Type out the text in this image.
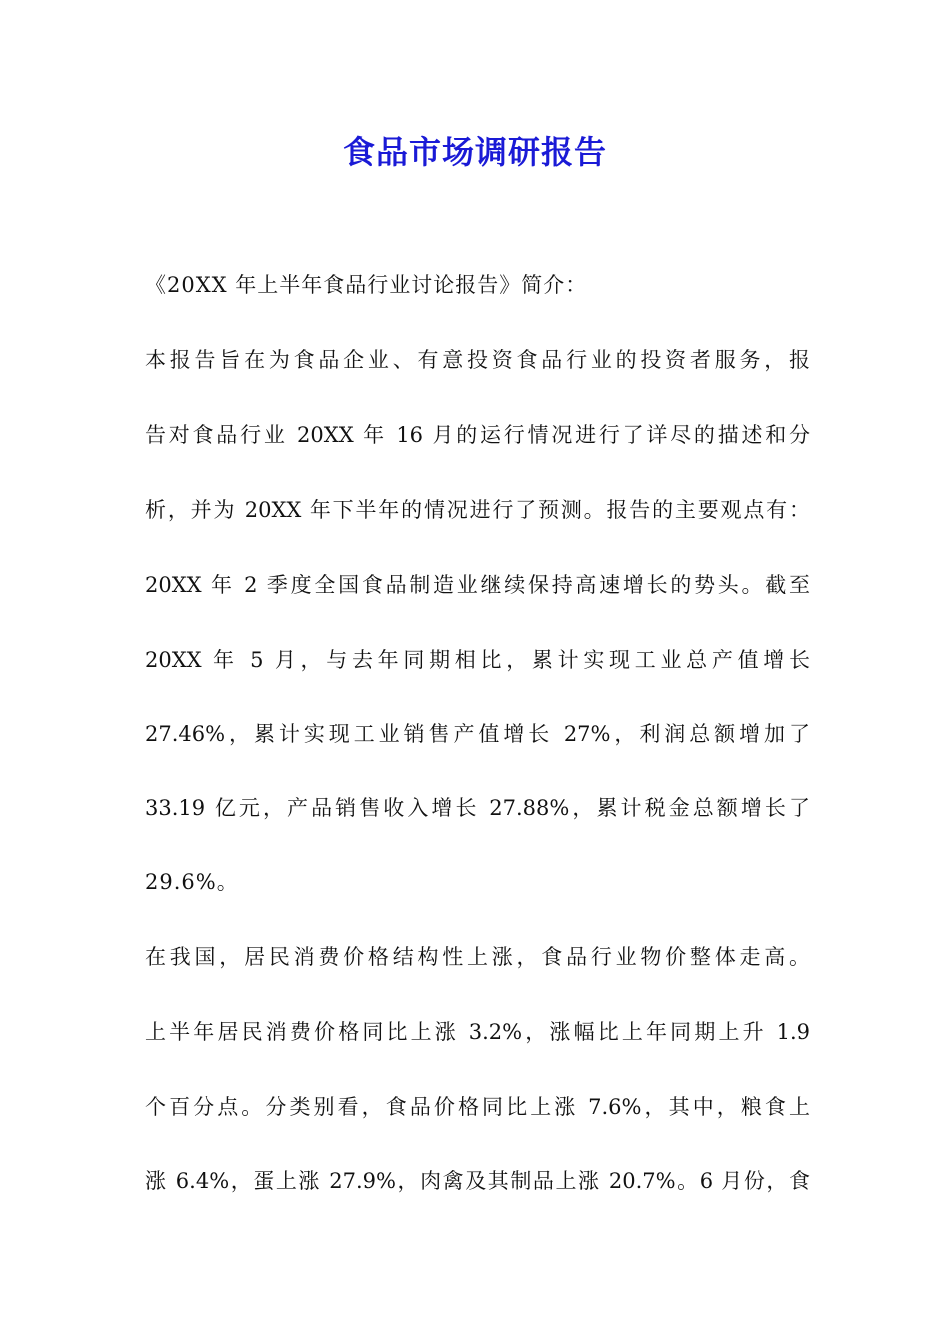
食品市场调研报告
《20XX 年上半年食品行业讨论报告》简介：
本报告旨在为食品企业、有意投资食品行业的投资者服务，报
告对食品行业 20XX 年 16 月的运行情况进行了详尽的描述和分
析，并为 20XX 年下半年的情况进行了预测。报告的主要观点有：
20XX 年 2 季度全国食品制造业继续保持高速增长的势头。截至
20XX 年 5 月，与去年同期相比，累计实现工业总产值增长
27.46%，累计实现工业销售产值增长 27%，利润总额增加了
33.19 亿元，产品销售收入增长 27.88%，累计税金总额增长了
29.6%。
在我国，居民消费价格结构性上涨，食品行业物价整体走高。
上半年居民消费价格同比上涨 3.2%，涨幅比上年同期上升 1.9
个百分点。分类别看，食品价格同比上涨 7.6%，其中，粮食上
涨 6.4%，蛋上涨 27.9%，肉禽及其制品上涨 20.7%。6 月份，食
